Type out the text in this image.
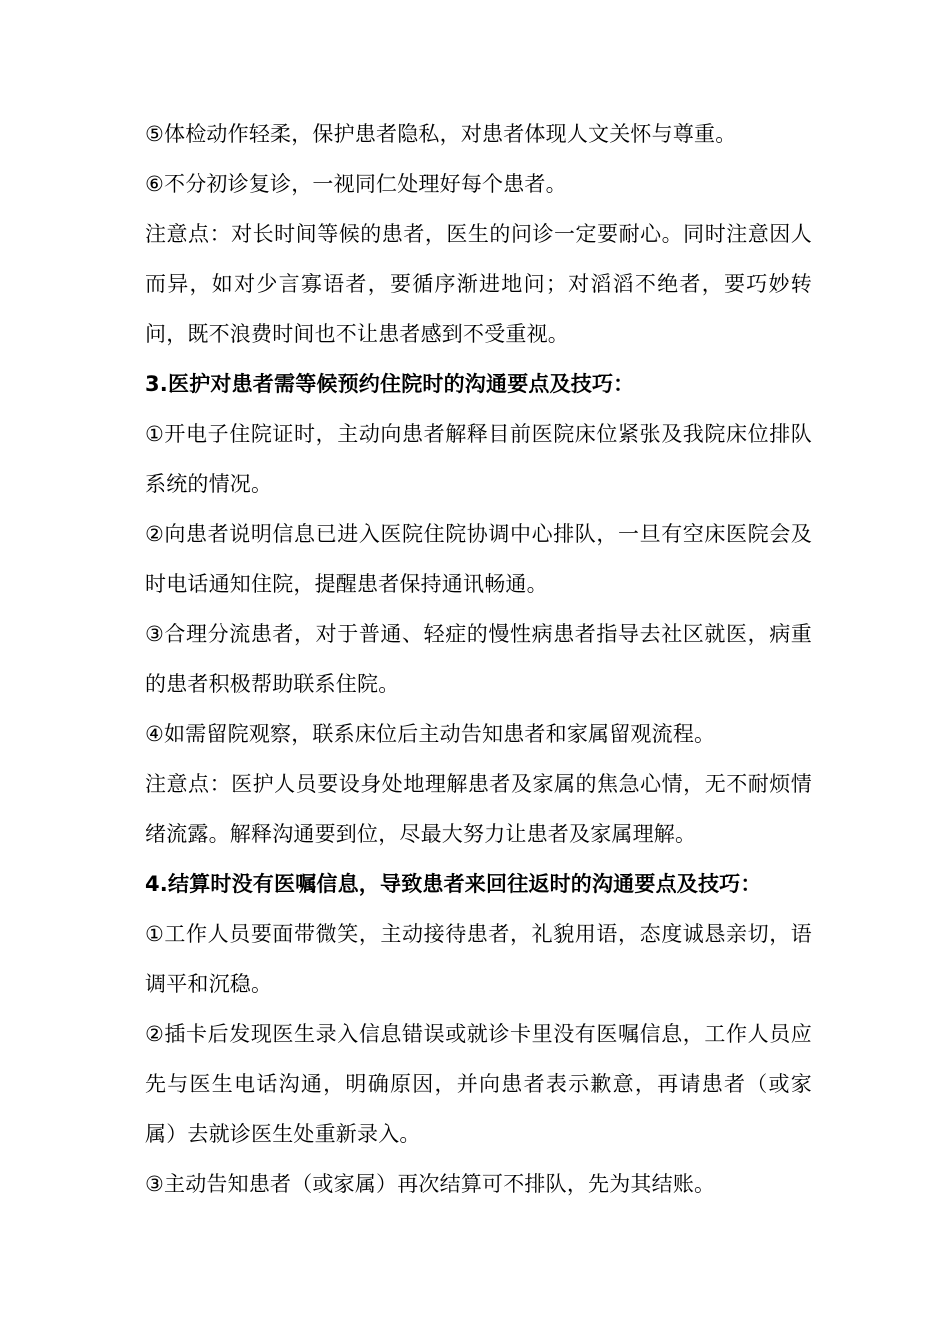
⑤体检动作轻柔，保护患者隐私，对患者体现人文关怀与尊重。

⑥不分初诊复诊，一视同仁处理好每个患者。

注意点：对长时间等候的患者，医生的问诊一定要耐心。同时注意因人而异，如对少言寡语者，要循序渐进地问；对滔滔不绝者，要巧妙转问，既不浪费时间也不让患者感到不受重视。

3.医护对患者需等候预约住院时的沟通要点及技巧：

①开电子住院证时，主动向患者解释目前医院床位紧张及我院床位排队系统的情况。

②向患者说明信息已进入医院住院协调中心排队，一旦有空床医院会及时电话通知住院，提醒患者保持通讯畅通。

③合理分流患者，对于普通、轻症的慢性病患者指导去社区就医，病重的患者积极帮助联系住院。

④如需留院观察，联系床位后主动告知患者和家属留观流程。

注意点：医护人员要设身处地理解患者及家属的焦急心情，无不耐烦情绪流露。解释沟通要到位，尽最大努力让患者及家属理解。

4.结算时没有医嘱信息，导致患者来回往返时的沟通要点及技巧：

①工作人员要面带微笑，主动接待患者，礼貌用语，态度诚恳亲切，语调平和沉稳。

②插卡后发现医生录入信息错误或就诊卡里没有医嘱信息，工作人员应先与医生电话沟通，明确原因，并向患者表示歉意，再请患者（或家属）去就诊医生处重新录入。

③主动告知患者（或家属）再次结算可不排队，先为其结账。
